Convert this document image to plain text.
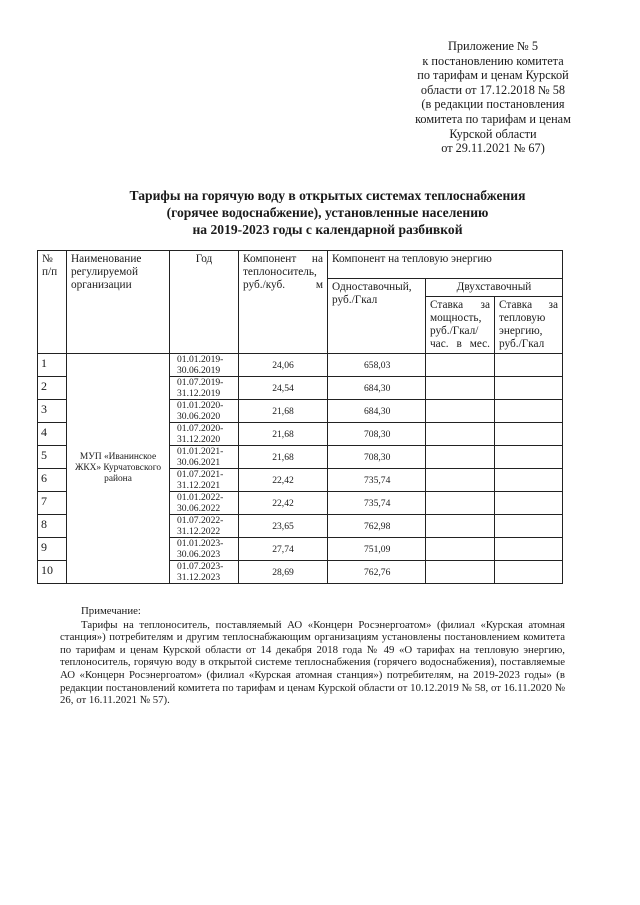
Приложение № 5
к постановлению комитета
по тарифам и ценам Курской
области от 17.12.2018 № 58
(в редакции постановления
комитета по тарифам и ценам
Курской области
от 29.11.2021 № 67)
Тарифы на горячую воду в открытых системах теплоснабжения
(горячее водоснабжение), установленные населению
на 2019-2023 годы с календарной разбивкой
№ п/п	Наименование регулируемой организации	Год	Компонент на теплоноситель, руб./куб. м	Компонент на тепловую энергию		
				Одноставочный, руб./Гкал	Двухставочный	
					Ставка за мощность, руб./Гкал/ час. в мес.	Ставка за тепловую энергию, руб./Гкал
1	МУП «Иванинское ЖКХ» Курчатовского района	01.01.2019-
30.06.2019	24,06	658,03		
2		01.07.2019-
31.12.2019	24,54	684,30		
3		01.01.2020-
30.06.2020	21,68	684,30		
4		01.07.2020-
31.12.2020	21,68	708,30		
5		01.01.2021-
30.06.2021	21,68	708,30		
6		01.07.2021-
31.12.2021	22,42	735,74		
7		01.01.2022-
30.06.2022	22,42	735,74		
8		01.07.2022-
31.12.2022	23,65	762,98		
9		01.01.2023-
30.06.2023	27,74	751,09		
10		01.07.2023-
31.12.2023	28,69	762,76		
Примечание:
Тарифы на теплоноситель, поставляемый АО «Концерн Росэнергоатом» (филиал «Курская атомная станция») потребителям и другим теплоснабжающим организациям установлены постановлением комитета по тарифам и ценам Курской области от 14 декабря 2018 года № 49 «О тарифах на тепловую энергию, теплоноситель, горячую воду в открытой системе теплоснабжения (горячего водоснабжения), поставляемые АО «Концерн Росэнергоатом» (филиал «Курская атомная станция») потребителям, на 2019-2023 годы» (в редакции постановлений комитета по тарифам и ценам Курской области от 10.12.2019 № 58, от 16.11.2020 № 26, от 16.11.2021 № 57).
